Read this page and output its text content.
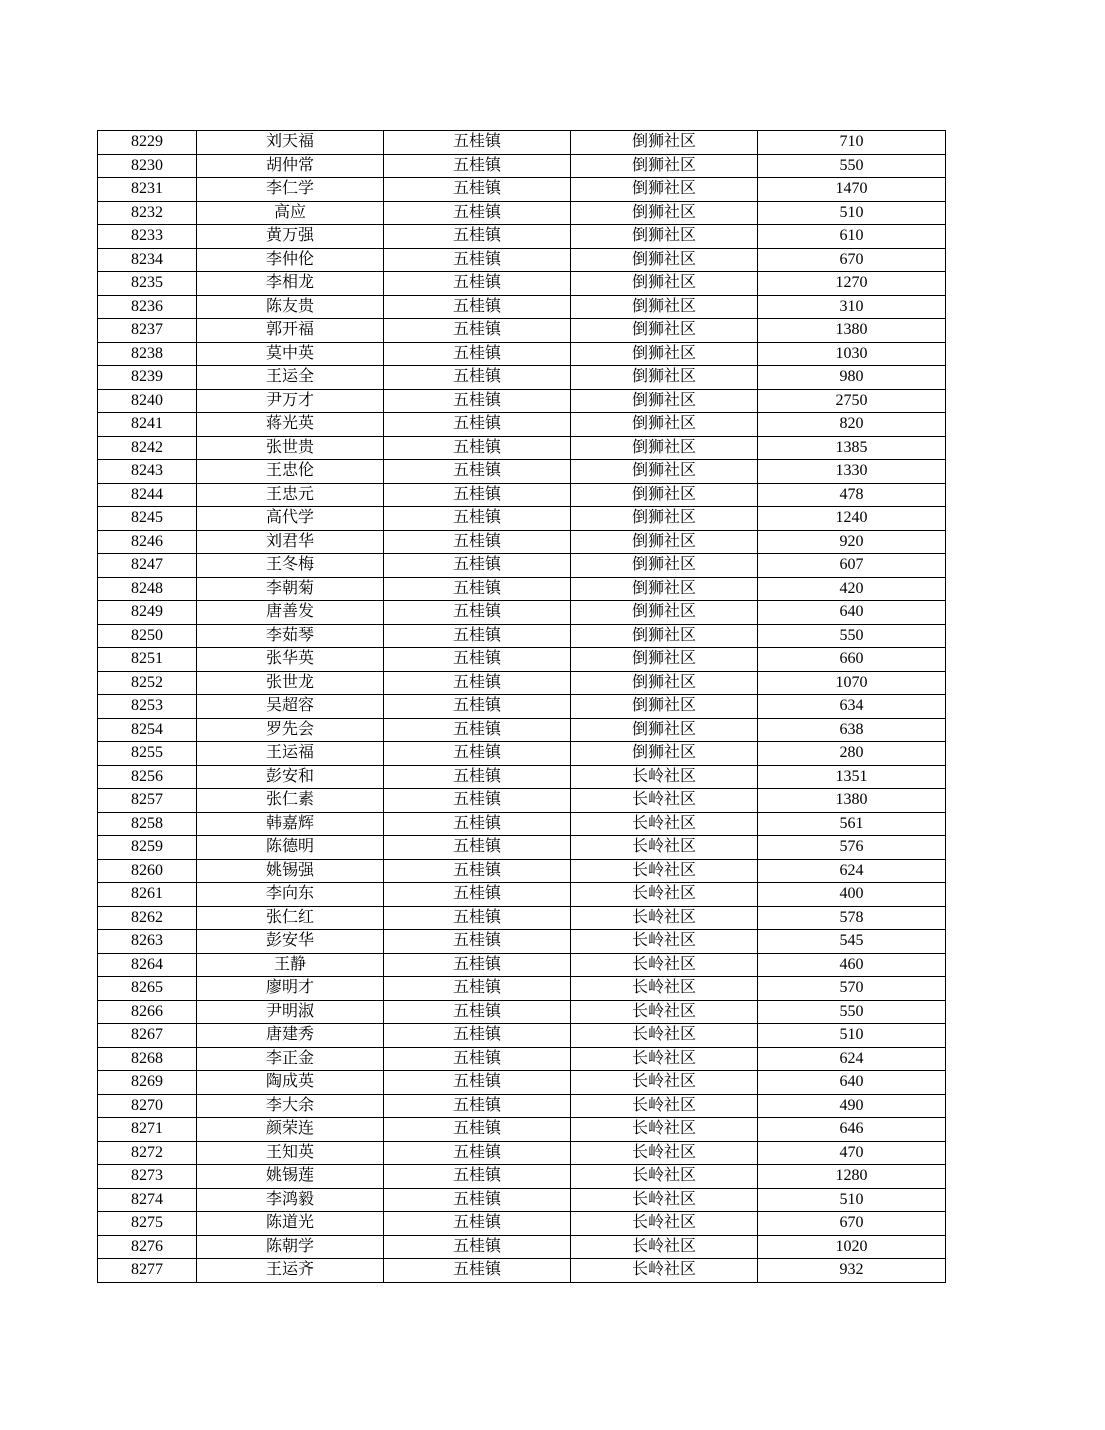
8229	刘天福	五桂镇	倒狮社区	710
8230	胡仲常	五桂镇	倒狮社区	550
8231	李仁学	五桂镇	倒狮社区	1470
8232	高应	五桂镇	倒狮社区	510
8233	黄万强	五桂镇	倒狮社区	610
8234	李仲伦	五桂镇	倒狮社区	670
8235	李相龙	五桂镇	倒狮社区	1270
8236	陈友贵	五桂镇	倒狮社区	310
8237	郭开福	五桂镇	倒狮社区	1380
8238	莫中英	五桂镇	倒狮社区	1030
8239	王运全	五桂镇	倒狮社区	980
8240	尹万才	五桂镇	倒狮社区	2750
8241	蒋光英	五桂镇	倒狮社区	820
8242	张世贵	五桂镇	倒狮社区	1385
8243	王忠伦	五桂镇	倒狮社区	1330
8244	王忠元	五桂镇	倒狮社区	478
8245	高代学	五桂镇	倒狮社区	1240
8246	刘君华	五桂镇	倒狮社区	920
8247	王冬梅	五桂镇	倒狮社区	607
8248	李朝菊	五桂镇	倒狮社区	420
8249	唐善发	五桂镇	倒狮社区	640
8250	李茹琴	五桂镇	倒狮社区	550
8251	张华英	五桂镇	倒狮社区	660
8252	张世龙	五桂镇	倒狮社区	1070
8253	吴超容	五桂镇	倒狮社区	634
8254	罗先会	五桂镇	倒狮社区	638
8255	王运福	五桂镇	倒狮社区	280
8256	彭安和	五桂镇	长岭社区	1351
8257	张仁素	五桂镇	长岭社区	1380
8258	韩嘉辉	五桂镇	长岭社区	561
8259	陈德明	五桂镇	长岭社区	576
8260	姚锡强	五桂镇	长岭社区	624
8261	李向东	五桂镇	长岭社区	400
8262	张仁红	五桂镇	长岭社区	578
8263	彭安华	五桂镇	长岭社区	545
8264	王静	五桂镇	长岭社区	460
8265	廖明才	五桂镇	长岭社区	570
8266	尹明淑	五桂镇	长岭社区	550
8267	唐建秀	五桂镇	长岭社区	510
8268	李正金	五桂镇	长岭社区	624
8269	陶成英	五桂镇	长岭社区	640
8270	李大余	五桂镇	长岭社区	490
8271	颜荣连	五桂镇	长岭社区	646
8272	王知英	五桂镇	长岭社区	470
8273	姚锡莲	五桂镇	长岭社区	1280
8274	李鸿毅	五桂镇	长岭社区	510
8275	陈道光	五桂镇	长岭社区	670
8276	陈朝学	五桂镇	长岭社区	1020
8277	王运齐	五桂镇	长岭社区	932
